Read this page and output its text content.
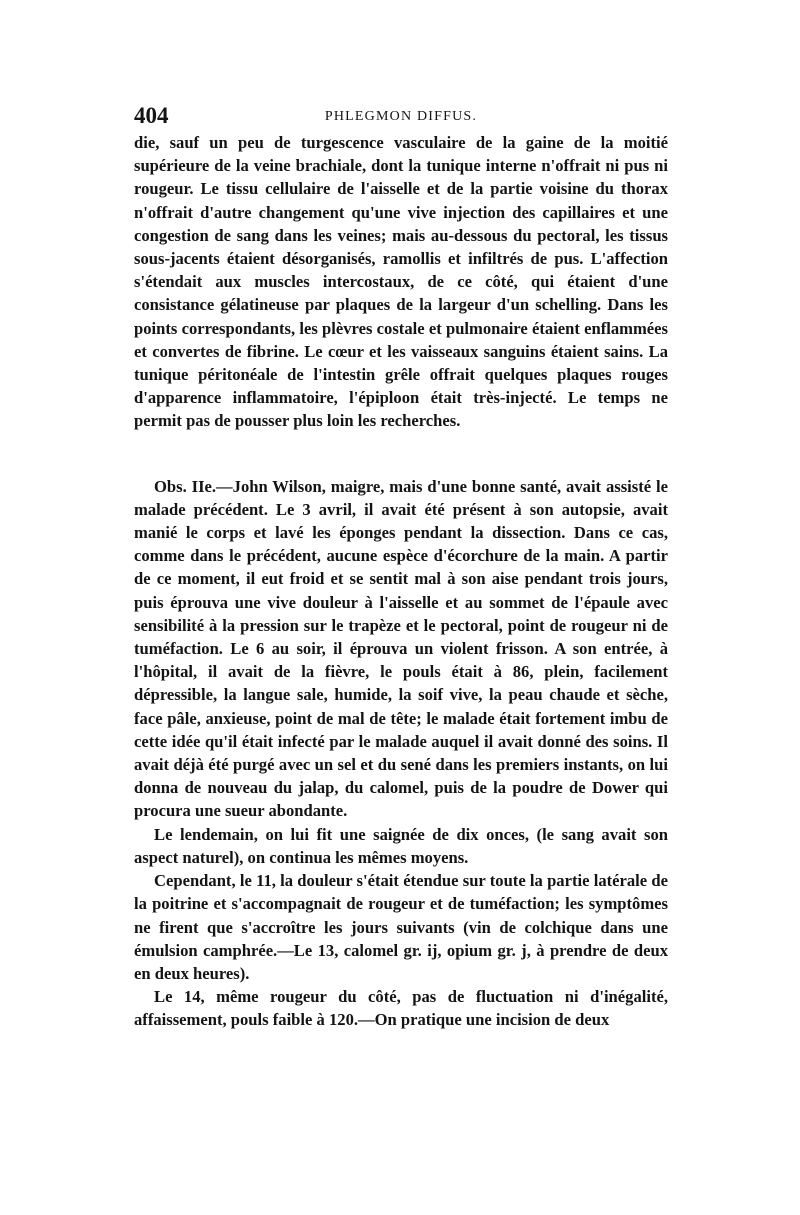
404	PHLEGMON DIFFUS.

die, sauf un peu de turgescence vasculaire de la gaine de la moitié supérieure de la veine brachiale, dont la tunique interne n'offrait ni pus ni rougeur. Le tissu cellulaire de l'aisselle et de la partie voisine du thorax n'offrait d'autre changement qu'une vive injection des capillaires et une congestion de sang dans les veines; mais au-dessous du pectoral, les tissus sous-jacents étaient désorganisés, ramollis et infiltrés de pus. L'affection s'étendait aux muscles intercostaux, de ce côté, qui étaient d'une consistance gélatineuse par plaques de la largeur d'un schelling. Dans les points correspondants, les plèvres costale et pulmonaire étaient enflammées et convertes de fibrine. Le cœur et les vaisseaux sanguins étaient sains. La tunique péritonéale de l'intestin grêle offrait quelques plaques rouges d'apparence inflammatoire, l'épiploon était très-injecté. Le temps ne permit pas de pousser plus loin les recherches.

Obs. IIe.—John Wilson, maigre, mais d'une bonne santé, avait assisté le malade précédent. Le 3 avril, il avait été présent à son autopsie, avait manié le corps et lavé les éponges pendant la dissection. Dans ce cas, comme dans le précédent, aucune espèce d'écorchure de la main. A partir de ce moment, il eut froid et se sentit mal à son aise pendant trois jours, puis éprouva une vive douleur à l'aisselle et au sommet de l'épaule avec sensibilité à la pression sur le trapèze et le pectoral, point de rougeur ni de tuméfaction. Le 6 au soir, il éprouva un violent frisson. A son entrée, à l'hôpital, il avait de la fièvre, le pouls était à 86, plein, facilement dépressible, la langue sale, humide, la soif vive, la peau chaude et sèche, face pâle, anxieuse, point de mal de tête; le malade était fortement imbu de cette idée qu'il était infecté par le malade auquel il avait donné des soins. Il avait déjà été purgé avec un sel et du sené dans les premiers instants, on lui donna de nouveau du jalap, du calomel, puis de la poudre de Dower qui procura une sueur abondante.

Le lendemain, on lui fit une saignée de dix onces, (le sang avait son aspect naturel), on continua les mêmes moyens.

Cependant, le 11, la douleur s'était étendue sur toute la partie latérale de la poitrine et s'accompagnait de rougeur et de tuméfaction; les symptômes ne firent que s'accroître les jours suivants (vin de colchique dans une émulsion camphrée.—Le 13, calomel gr. ij, opium gr. j, à prendre de deux en deux heures).

Le 14, même rougeur du côté, pas de fluctuation ni d'inégalité, affaissement, pouls faible à 120.—On pratique une incision de deux
